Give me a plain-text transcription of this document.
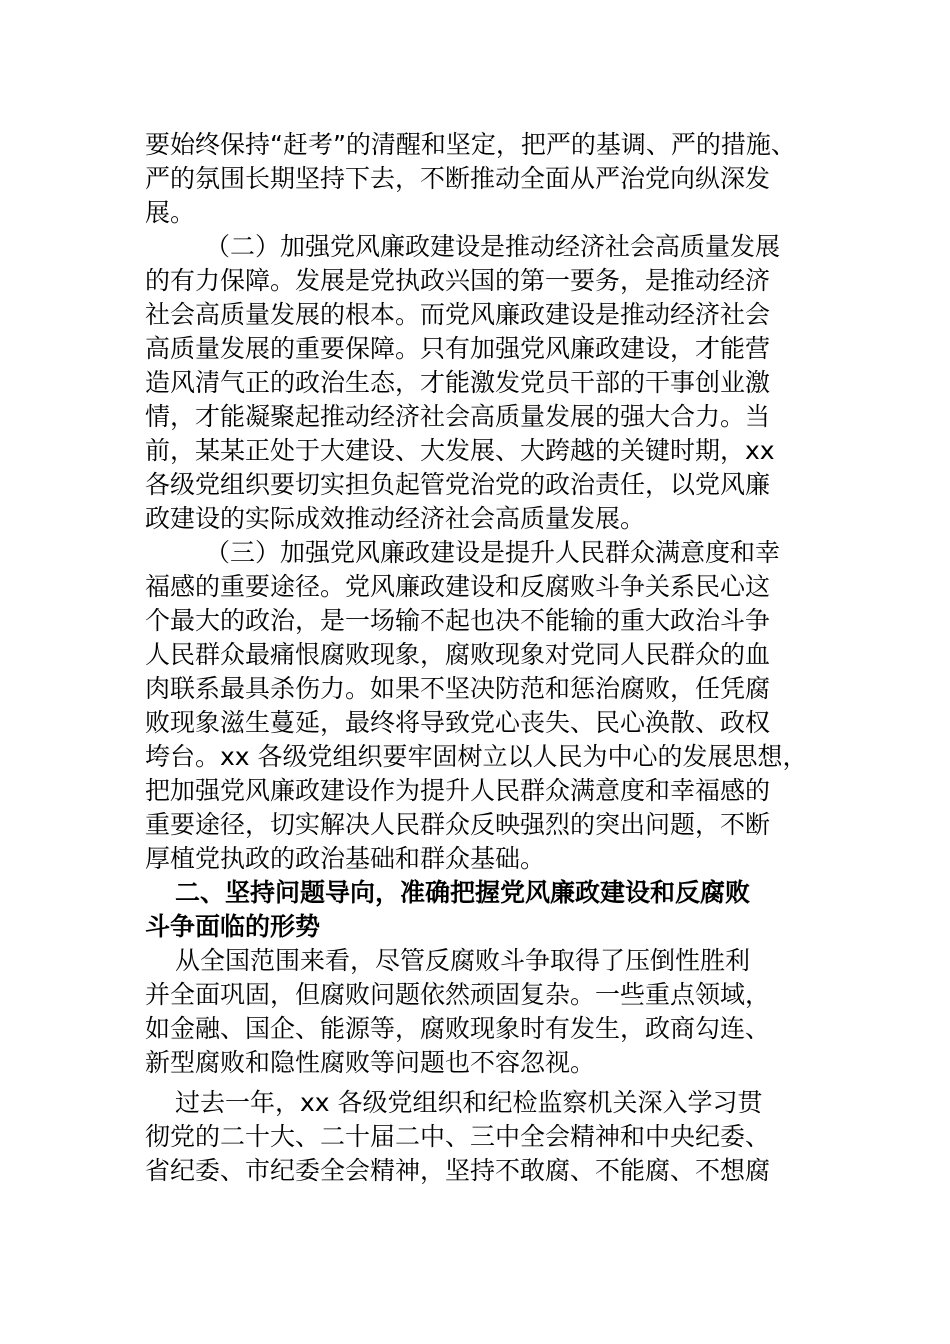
要始终保持“赶考”的清醒和坚定，把严的基调、严的措施、
严的氛围长期坚持下去，不断推动全面从严治党向纵深发
展。
（二）加强党风廉政建设是推动经济社会高质量发展
的有力保障。发展是党执政兴国的第一要务，是推动经济
社会高质量发展的根本。而党风廉政建设是推动经济社会
高质量发展的重要保障。只有加强党风廉政建设，才能营
造风清气正的政治生态，才能激发党员干部的干事创业激
情，才能凝聚起推动经济社会高质量发展的强大合力。当
前，某某正处于大建设、大发展、大跨越的关键时期，xx
各级党组织要切实担负起管党治党的政治责任，以党风廉
政建设的实际成效推动经济社会高质量发展。
（三）加强党风廉政建设是提升人民群众满意度和幸
福感的重要途径。党风廉政建设和反腐败斗争关系民心这
个最大的政治，是一场输不起也决不能输的重大政治斗争
人民群众最痛恨腐败现象，腐败现象对党同人民群众的血
肉联系最具杀伤力。如果不坚决防范和惩治腐败，任凭腐
败现象滋生蔓延，最终将导致党心丧失、民心涣散、政权
垮台。xx 各级党组织要牢固树立以人民为中心的发展思想，
把加强党风廉政建设作为提升人民群众满意度和幸福感的
重要途径，切实解决人民群众反映强烈的突出问题，不断
厚植党执政的政治基础和群众基础。
二、坚持问题导向，准确把握党风廉政建设和反腐败
斗争面临的形势
从全国范围来看，尽管反腐败斗争取得了压倒性胜利
并全面巩固，但腐败问题依然顽固复杂。一些重点领域，
如金融、国企、能源等，腐败现象时有发生，政商勾连、
新型腐败和隐性腐败等问题也不容忽视。
过去一年，xx 各级党组织和纪检监察机关深入学习贯
彻党的二十大、二十届二中、三中全会精神和中央纪委、
省纪委、市纪委全会精神，坚持不敢腐、不能腐、不想腐
